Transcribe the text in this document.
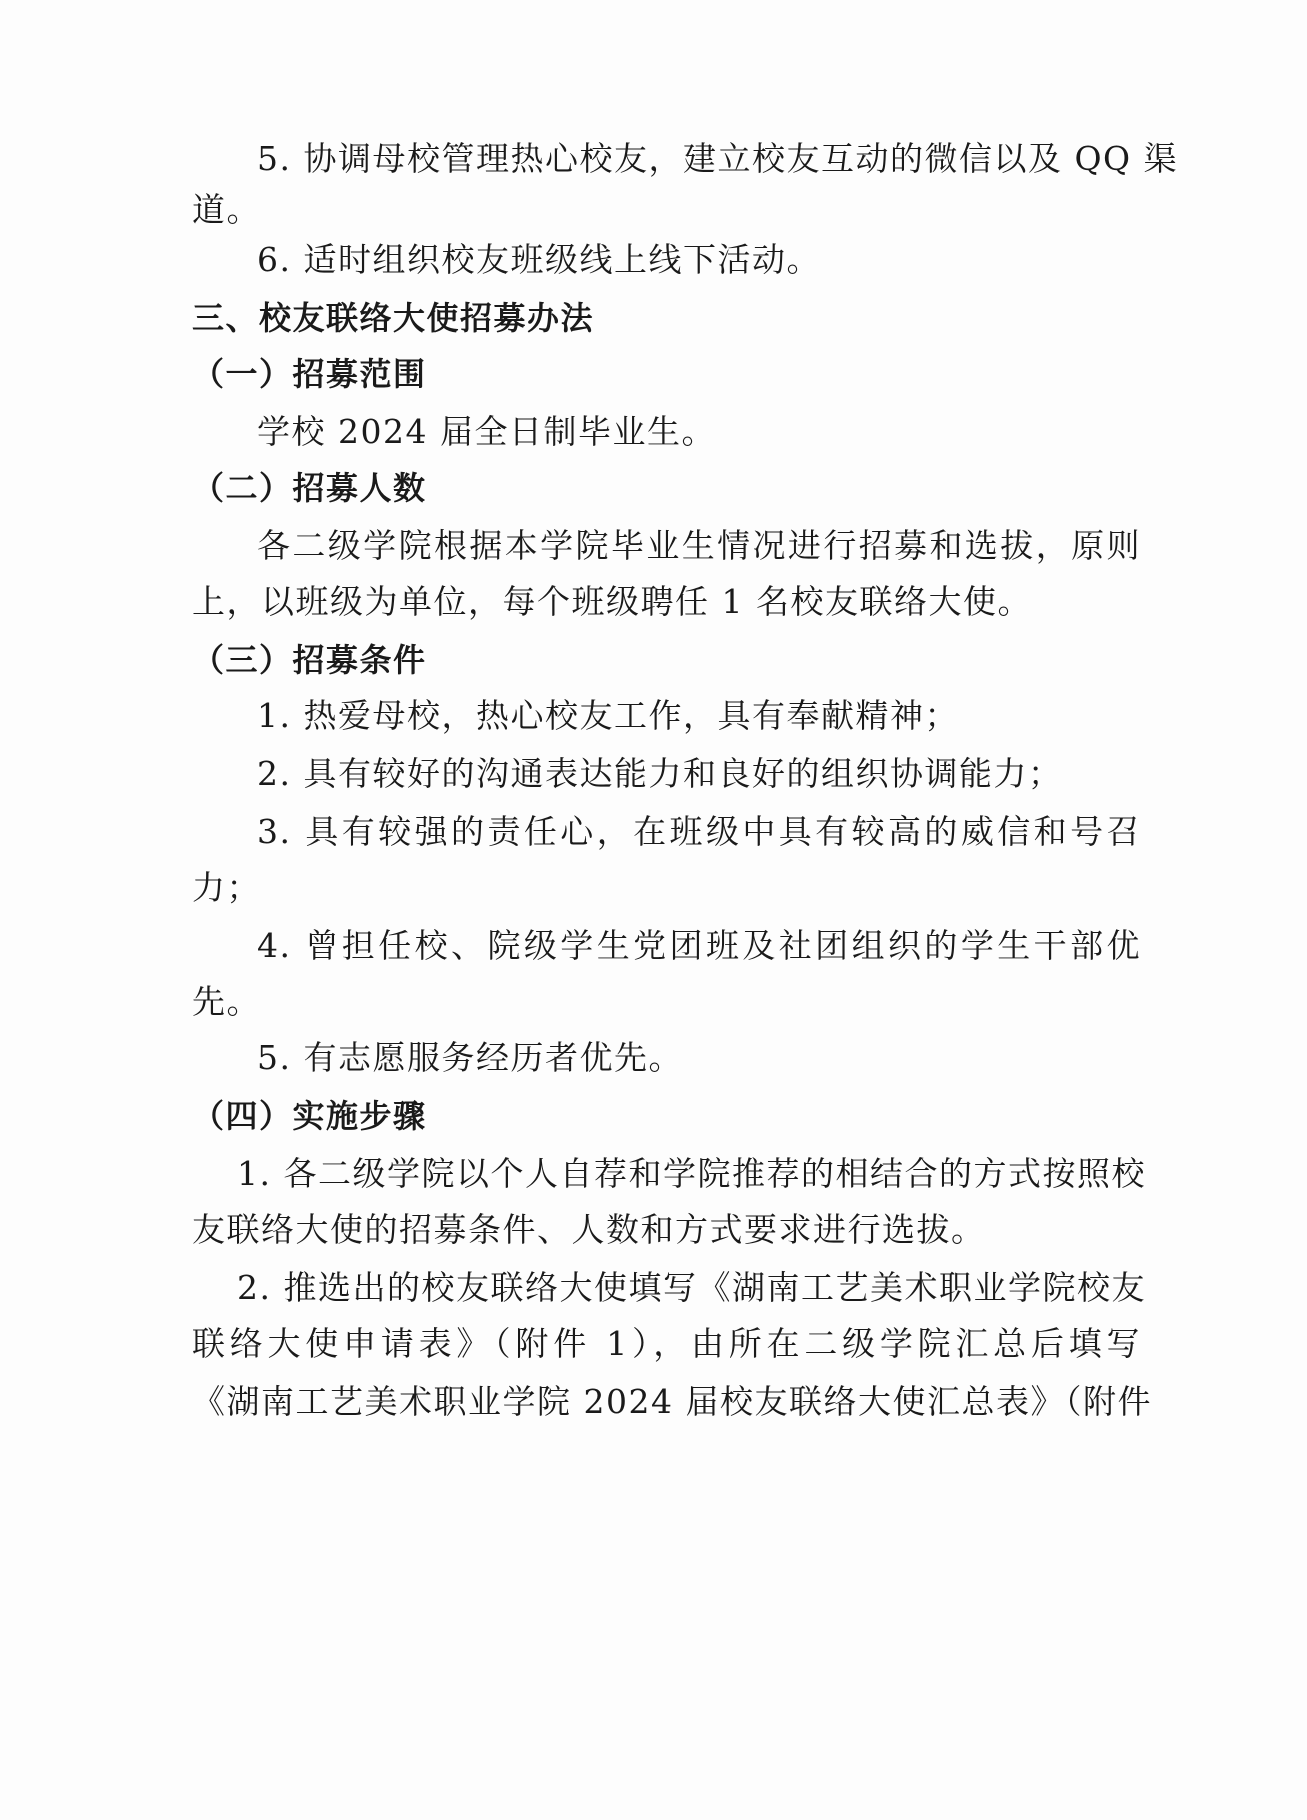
5. 协调母校管理热心校友，建立校友互动的微信以及 QQ 渠
道。
6. 适时组织校友班级线上线下活动。
三、校友联络大使招募办法
（一）招募范围
学校 2024 届全日制毕业生。
（二）招募人数
各二级学院根据本学院毕业生情况进行招募和选拔，原则
上，以班级为单位，每个班级聘任 1 名校友联络大使。
（三）招募条件
1. 热爱母校，热心校友工作，具有奉献精神；
2. 具有较好的沟通表达能力和良好的组织协调能力；
3. 具有较强的责任心，在班级中具有较高的威信和号召
力；
4. 曾担任校、院级学生党团班及社团组织的学生干部优
先。
5. 有志愿服务经历者优先。
（四）实施步骤
1. 各二级学院以个人自荐和学院推荐的相结合的方式按照校
友联络大使的招募条件、人数和方式要求进行选拔。
2. 推选出的校友联络大使填写《湖南工艺美术职业学院校友
联络大使申请表》（附件 1），由所在二级学院汇总后填写
《湖南工艺美术职业学院 2024 届校友联络大使汇总表》（附件
